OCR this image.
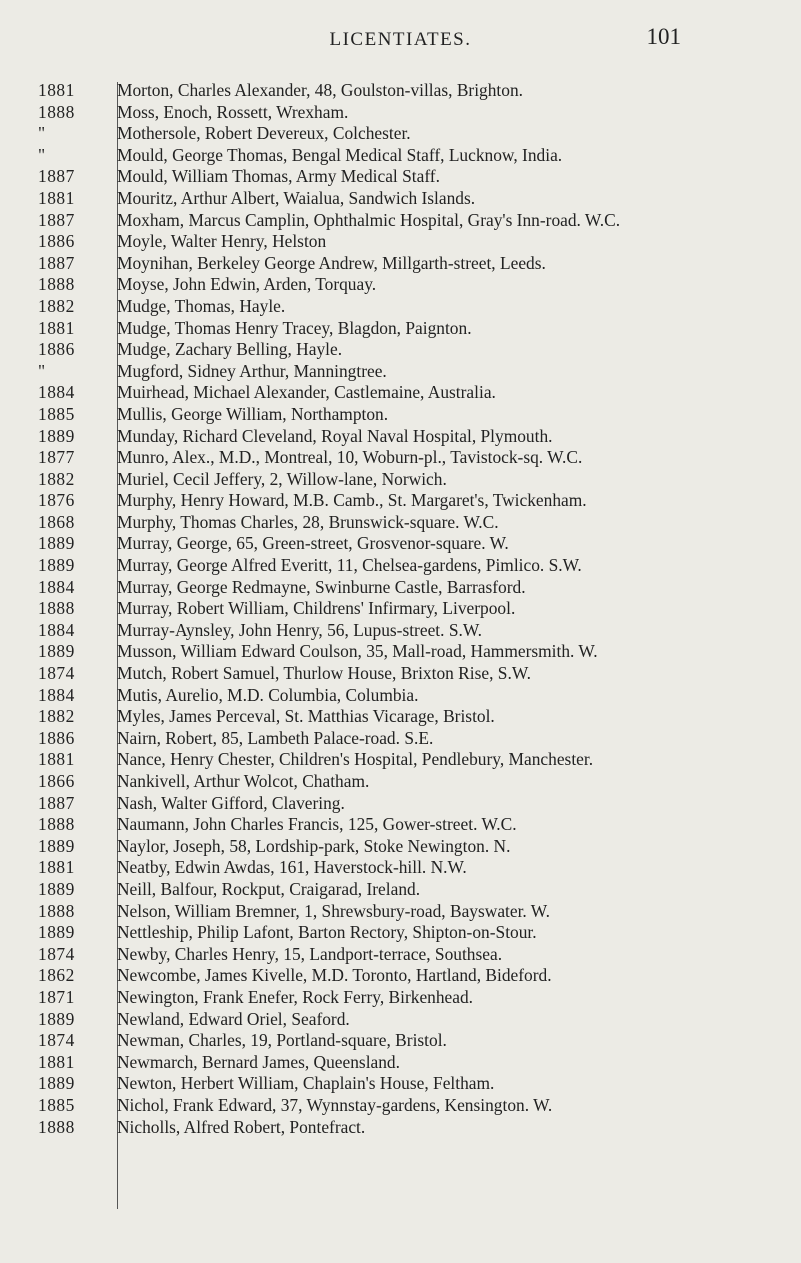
LICENTIATES.	101
1881	Morton, Charles Alexander, 48, Goulston-villas, Brighton.
1888	Moss, Enoch, Rossett, Wrexham.
"	Mothersole, Robert Devereux, Colchester.
"	Mould, George Thomas, Bengal Medical Staff, Lucknow, India.
1887	Mould, William Thomas, Army Medical Staff.
1881	Mouritz, Arthur Albert, Waialua, Sandwich Islands.
1887	Moxham, Marcus Camplin, Ophthalmic Hospital, Gray's Inn-road. W.C.
1886	Moyle, Walter Henry, Helston
1887	Moynihan, Berkeley George Andrew, Millgarth-street, Leeds.
1888	Moyse, John Edwin, Arden, Torquay.
1882	Mudge, Thomas, Hayle.
1881	Mudge, Thomas Henry Tracey, Blagdon, Paignton.
1886	Mudge, Zachary Belling, Hayle.
"	Mugford, Sidney Arthur, Manningtree.
1884	Muirhead, Michael Alexander, Castlemaine, Australia.
1885	Mullis, George William, Northampton.
1889	Munday, Richard Cleveland, Royal Naval Hospital, Plymouth.
1877	Munro, Alex., M.D., Montreal, 10, Woburn-pl., Tavistock-sq. W.C.
1882	Muriel, Cecil Jeffery, 2, Willow-lane, Norwich.
1876	Murphy, Henry Howard, M.B. Camb., St. Margaret's, Twickenham.
1868	Murphy, Thomas Charles, 28, Brunswick-square. W.C.
1889	Murray, George, 65, Green-street, Grosvenor-square. W.
1889	Murray, George Alfred Everitt, 11, Chelsea-gardens, Pimlico. S.W.
1884	Murray, George Redmayne, Swinburne Castle, Barrasford.
1888	Murray, Robert William, Childrens' Infirmary, Liverpool.
1884	Murray-Aynsley, John Henry, 56, Lupus-street. S.W.
1889	Musson, William Edward Coulson, 35, Mall-road, Hammersmith. W.
1874	Mutch, Robert Samuel, Thurlow House, Brixton Rise, S.W.
1884	Mutis, Aurelio, M.D. Columbia, Columbia.
1882	Myles, James Perceval, St. Matthias Vicarage, Bristol.
1886	Nairn, Robert, 85, Lambeth Palace-road. S.E.
1881	Nance, Henry Chester, Children's Hospital, Pendlebury, Manchester.
1866	Nankivell, Arthur Wolcot, Chatham.
1887	Nash, Walter Gifford, Clavering.
1888	Naumann, John Charles Francis, 125, Gower-street. W.C.
1889	Naylor, Joseph, 58, Lordship-park, Stoke Newington. N.
1881	Neatby, Edwin Awdas, 161, Haverstock-hill. N.W.
1889	Neill, Balfour, Rockput, Craigarad, Ireland.
1888	Nelson, William Bremner, 1, Shrewsbury-road, Bayswater. W.
1889	Nettleship, Philip Lafont, Barton Rectory, Shipton-on-Stour.
1874	Newby, Charles Henry, 15, Landport-terrace, Southsea.
1862	Newcombe, James Kivelle, M.D. Toronto, Hartland, Bideford.
1871	Newington, Frank Enefer, Rock Ferry, Birkenhead.
1889	Newland, Edward Oriel, Seaford.
1874	Newman, Charles, 19, Portland-square, Bristol.
1881	Newmarch, Bernard James, Queensland.
1889	Newton, Herbert William, Chaplain's House, Feltham.
1885	Nichol, Frank Edward, 37, Wynnstay-gardens, Kensington. W.
1888	Nicholls, Alfred Robert, Pontefract.
